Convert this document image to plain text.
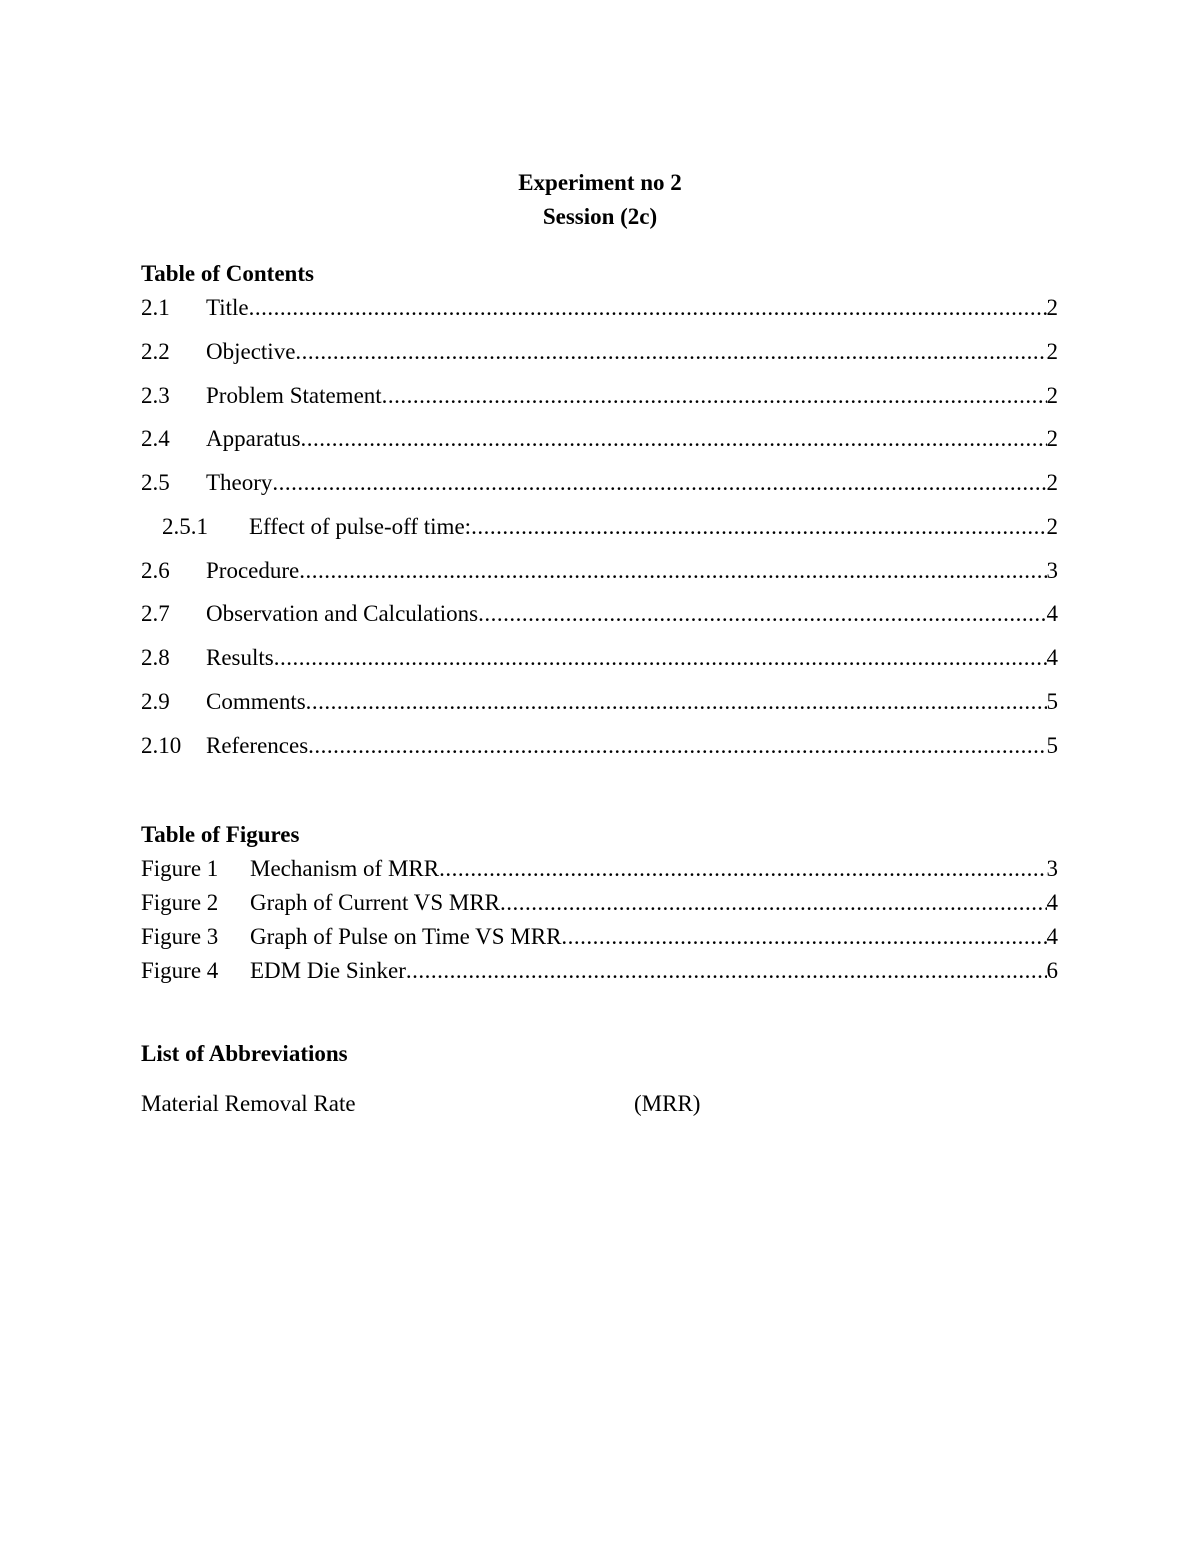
Experiment no 2
Session (2c)
Table of Contents
2.1	Title .....	2
2.2	Objective .....	2
2.3	Problem Statement .....	2
2.4	Apparatus .....	2
2.5	Theory .....	2
2.5.1	Effect of pulse-off time: .....	2
2.6	Procedure .....	3
2.7	Observation and Calculations .....	4
2.8	Results .....	4
2.9	Comments .....	5
2.10	References .....	5
Table of Figures
Figure 1	Mechanism of MRR .....	3
Figure 2	Graph of Current VS MRR .....	4
Figure 3	Graph of Pulse on Time VS MRR .....	4
Figure 4	EDM Die Sinker .....	6
List of Abbreviations
Material Removal Rate	(MRR)
